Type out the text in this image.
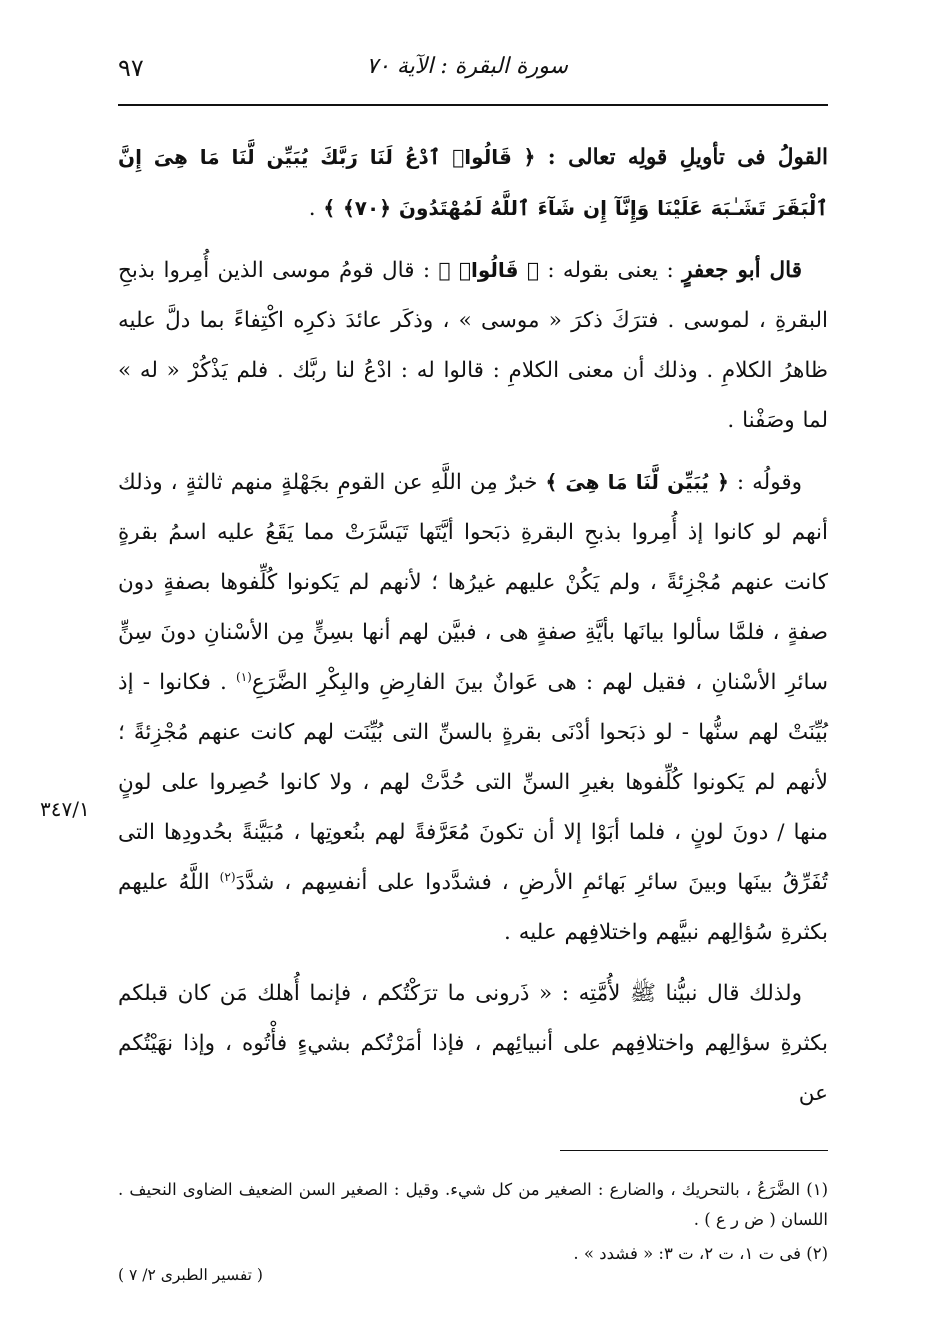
سورة البقرة : الآية ٧٠
٩٧

القولُ فى تأويلِ قولِه تعالى : ﴿ قَالُوا۟ ٱدْعُ لَنَا رَبَّكَ يُبَيِّن لَّنَا مَا هِىَ إِنَّ ٱلْبَقَرَ تَشَـٰبَهَ عَلَيْنَا وَإِنَّآ إِن شَآءَ ٱللَّهُ لَمُهْتَدُونَ ﴿٧٠﴾ ﴾ .

قال أبو جعفرٍ : يعنى بقوله : ﴿ قَالُوا۟ ﴾ : قال قومُ موسى الذين أُمِروا بذبحِ البقرةِ ، لموسى . فترَكَ ذكرَ « موسى » ، وذكَر عائدَ ذكرِه اكْتِفاءً بما دلَّ عليه ظاهرُ الكلامِ . وذلك أن معنى الكلامِ : قالوا له : ادْعُ لنا ربَّك . فلم يَذْكُرْ « له » لما وصَفْنا .

وقولُه : ﴿ يُبَيِّن لَّنَا مَا هِىَ ﴾ خبرٌ مِن اللَّهِ عن القومِ بجَهْلةٍ منهم ثالثةٍ ، وذلك أنهم لو كانوا إذ أُمِروا بذبحِ البقرةِ ذبَحوا أيَّتَها تَيَسَّرَتْ مما يَقَعُ عليه اسمُ بقرةٍ كانت عنهم مُجْزِئةً ، ولم يَكُنْ عليهم غيرُها ؛ لأنهم لم يَكونوا كُلِّفوها بصفةٍ دون صفةٍ ، فلمَّا سألوا بيانَها بأيَّةِ صفةٍ هى ، فبيَّن لهم أنها بسِنٍّ مِن الأسْنانِ دونَ سِنٍّ سائرِ الأسْنانِ ، فقيل لهم : هى عَوانٌ بينَ الفارِضِ والبِكْرِ الضَّرَعِ$^{(١)}$ . فكانوا - إذ بُيِّنَتْ لهم سنُّها - لو ذبَحوا أدْنَى بقرةٍ بالسنِّ التى بُيِّنَت لهم كانت عنهم مُجْزِئةً ؛ لأنهم لم يَكونوا كُلِّفوها بغيرِ السنِّ التى حُدَّتْ لهم ، ولا كانوا حُصِروا على لونٍ منها / دونَ لونٍ ، فلما أبَوْا إلا أن تكونَ مُعَرَّفةً لهم بنُعوتِها ، مُبَيَّنةً بحُدودِها التى تُفَرِّقُ بينَها وبينَ سائرِ بَهائمِ الأرضِ ، فشدَّدوا على أنفسِهم ، شدَّدَ$^{(٢)}$ اللَّهُ عليهم بكثرةِ سُؤالِهم نبيَّهم واختلافِهم عليه .

ولذلك قال نبيُّنا ﷺ لأُمَّتِه : « ذَرونى ما ترَكْتُكم ، فإنما أُهلك مَن كان قبلكم بكثرةِ سؤالِهم واختلافِهم على أنبيائِهم ، فإذا أمَرْتُكم بشيءٍ فأْتُوه ، وإذا نهَيْتُكم عن

٣٤٧/١

(١) الضَّرَعُ ، بالتحريك ، والضارع : الصغير من كل شيء. وقيل : الصغير السن الضعيف الضاوى النحيف . اللسان ( ض ر ع ) .

(٢) فى ت ١، ت ٢، ت ٣: « فشدد » .

( تفسير الطبرى ٢/ ٧ )
